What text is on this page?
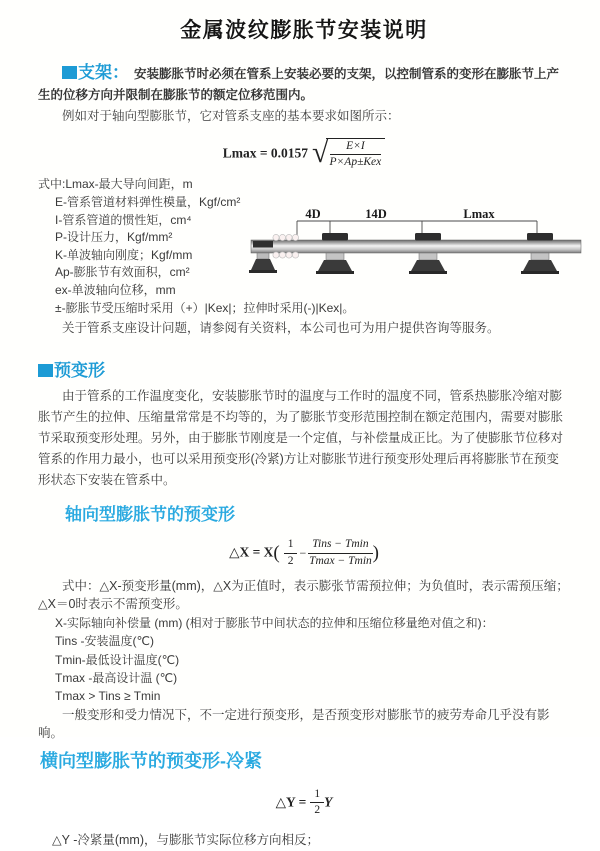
金属波纹膨胀节安装说明

支架： 安装膨胀节时必须在管系上安装必要的支架，以控制管系的变形在膨胀节上产生的位移方向并限制在膨胀节的额定位移范围内。

例如对于轴向型膨胀节，它对管系支座的基本要求如图所示：

Lmax = 0.0157 √ $\frac{E\times I}{\text{P×Ap±Kex}}$
式中:Lmax-最大导向间距，m
E-管系管道材料弹性模量，Kgf/cm²
I-管系管道的惯性矩，cm⁴
P-设计压力，Kgf/mm²
K-单波轴向刚度；Kgf/mm
Ap-膨胀节有效面积，cm²
ex-单波轴向位移，mm
±-膨胀节受压缩时采用（+）|Kex|；拉伸时采用(-)|Kex|。
4D	14D	Lmax

关于管系支座设计问题，请参阅有关资料，本公司也可为用户提供咨询等服务。

预变形

由于管系的工作温度变化，安装膨胀节时的温度与工作时的温度不同，管系热膨胀冷缩对膨胀节产生的拉伸、压缩量常常是不均等的，为了膨胀节变形范围控制在额定范围内，需要对膨胀节采取预变形处理。另外，由于膨胀节刚度是一个定值，与补偿量成正比。为了使膨胀节位移对管系的作用力最小，也可以采用预变形(冷紧)方让对膨胀节进行预变形处理后再将膨胀节在预变形状态下安装在管系中。

轴向型膨胀节的预变形
△X = $X( \frac{1}{2} - \frac{\text{Tins − Tmin}}{Tmax - Tmin}$ )

式中：△X-预变形量(mm)，△X为正值时，表示膨张节需预拉伸；为负值时，表示需预压缩；△X＝0时表示不需预变形。

X-实际轴向补偿量 (mm) (相对于膨胀节中间状态的拉伸和压缩位移量绝对值之和)：

Tins -安装温度(℃)

Tmin-最低设计温度(℃)

Tmax -最高设计温 (℃)

Tmax > Tins ≥ Tmin

一般变形和受力情况下，不一定进行预变形，是否预变形对膨胀节的疲劳寿命几乎没有影响。

横向型膨胀节的预变形-冷紧
△Y = $\frac{1}{2}$ Y

△Y -冷紧量(mm)，与膨胀节实际位移方向相反；
